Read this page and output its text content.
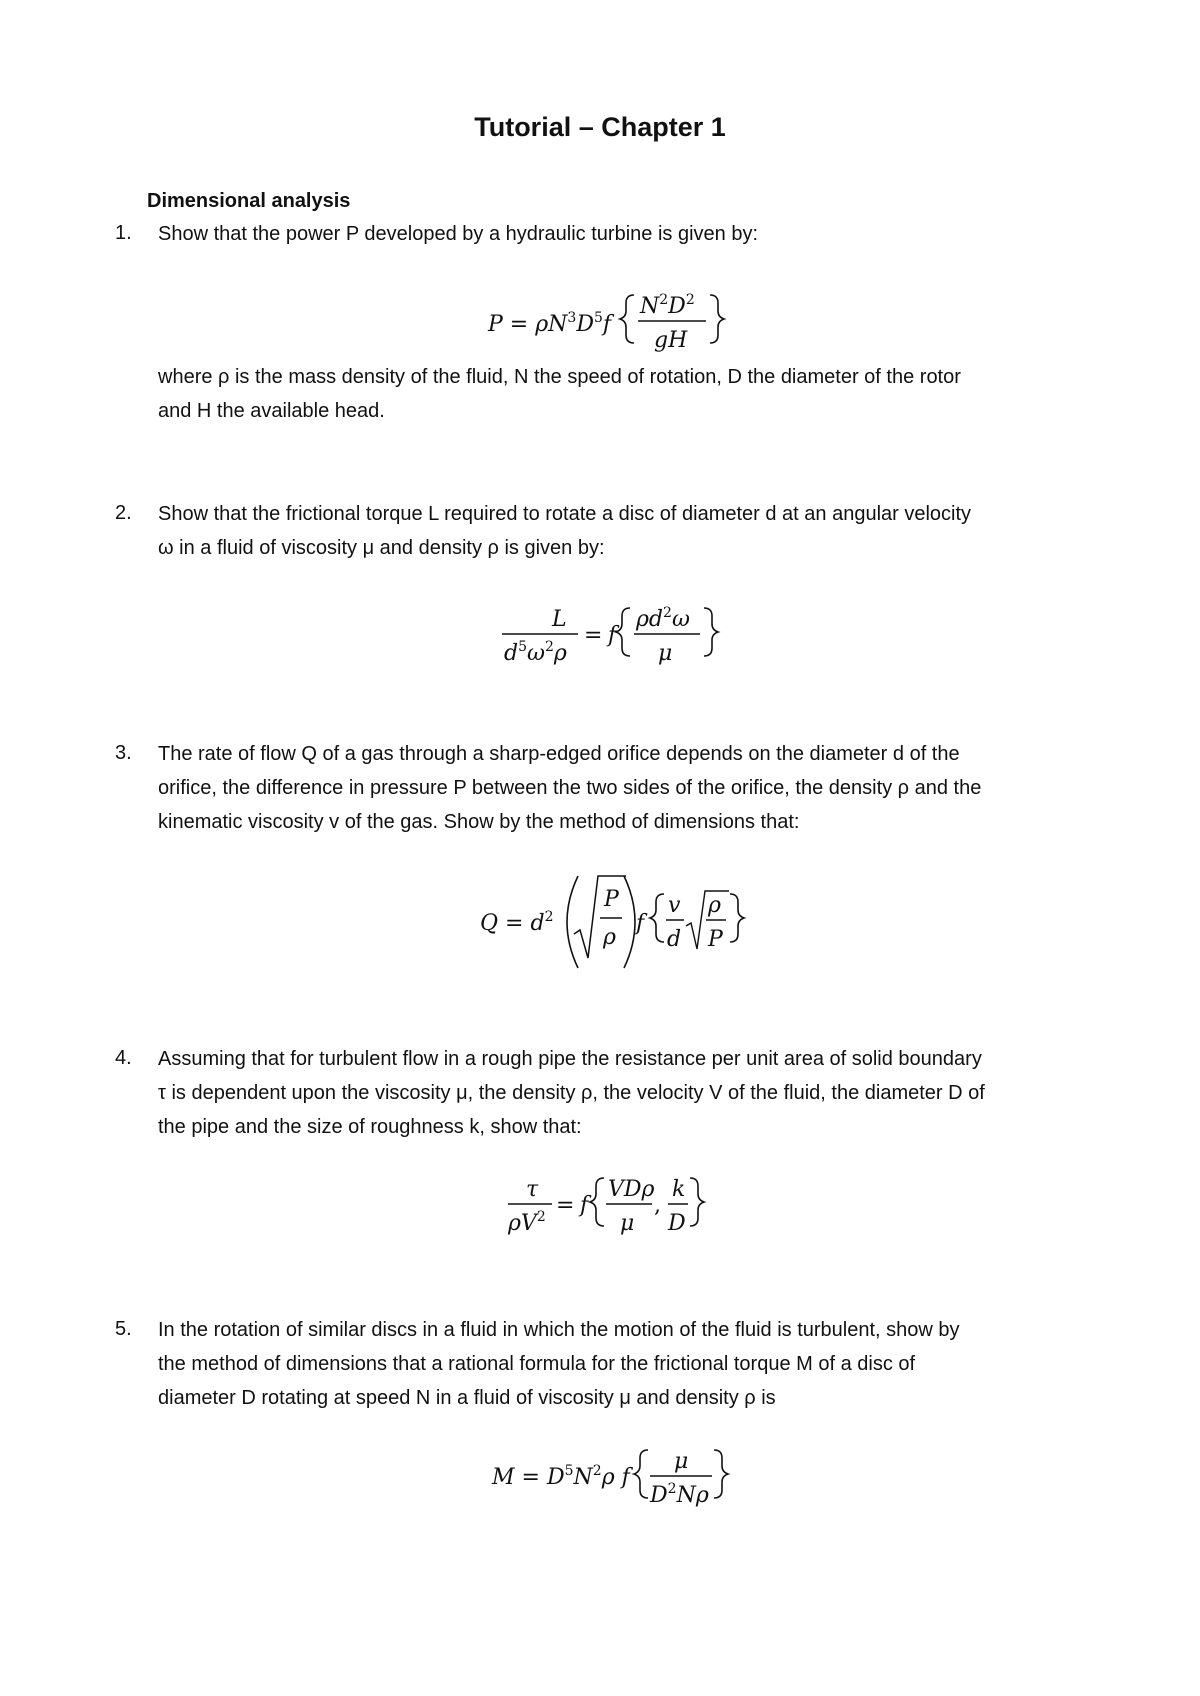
Tutorial – Chapter 1
Dimensional analysis
1. Show that the power P developed by a hydraulic turbine is given by:
$P = \rho N^3D^5f$
$N^2D^2$
gH
where ρ is the mass density of the fluid, N the speed of rotation, D the diameter of the rotor
and H the available head.
2. Show that the frictional torque L required to rotate a disc of diameter d at an angular velocity
ω in a fluid of viscosity μ and density ρ is given by:
L
$d^5\omega^2\rho$
= f
$\rho d^2\omega$
μ
3. The rate of flow Q of a gas through a sharp-edged orifice depends on the diameter d of the
orifice, the difference in pressure P between the two sides of the orifice, the density ρ and the
kinematic viscosity v of the gas. Show by the method of dimensions that:
$Q = d^2$
P
ρ
f
v
d
ρ
P
4. Assuming that for turbulent flow in a rough pipe the resistance per unit area of solid boundary
τ is dependent upon the viscosity μ, the density ρ, the velocity V of the fluid, the diameter D of
the pipe and the size of roughness k, show that:
τ
$\rho V^2 = f$
VDρ
μ
,
k
D
5. In the rotation of similar discs in a fluid in which the motion of the fluid is turbulent, show by
the method of dimensions that a rational formula for the frictional torque M of a disc of
diameter D rotating at speed N in a fluid of viscosity μ and density ρ is
$M = D^5N^2\rho$ f
μ
$D^2N\rho$
